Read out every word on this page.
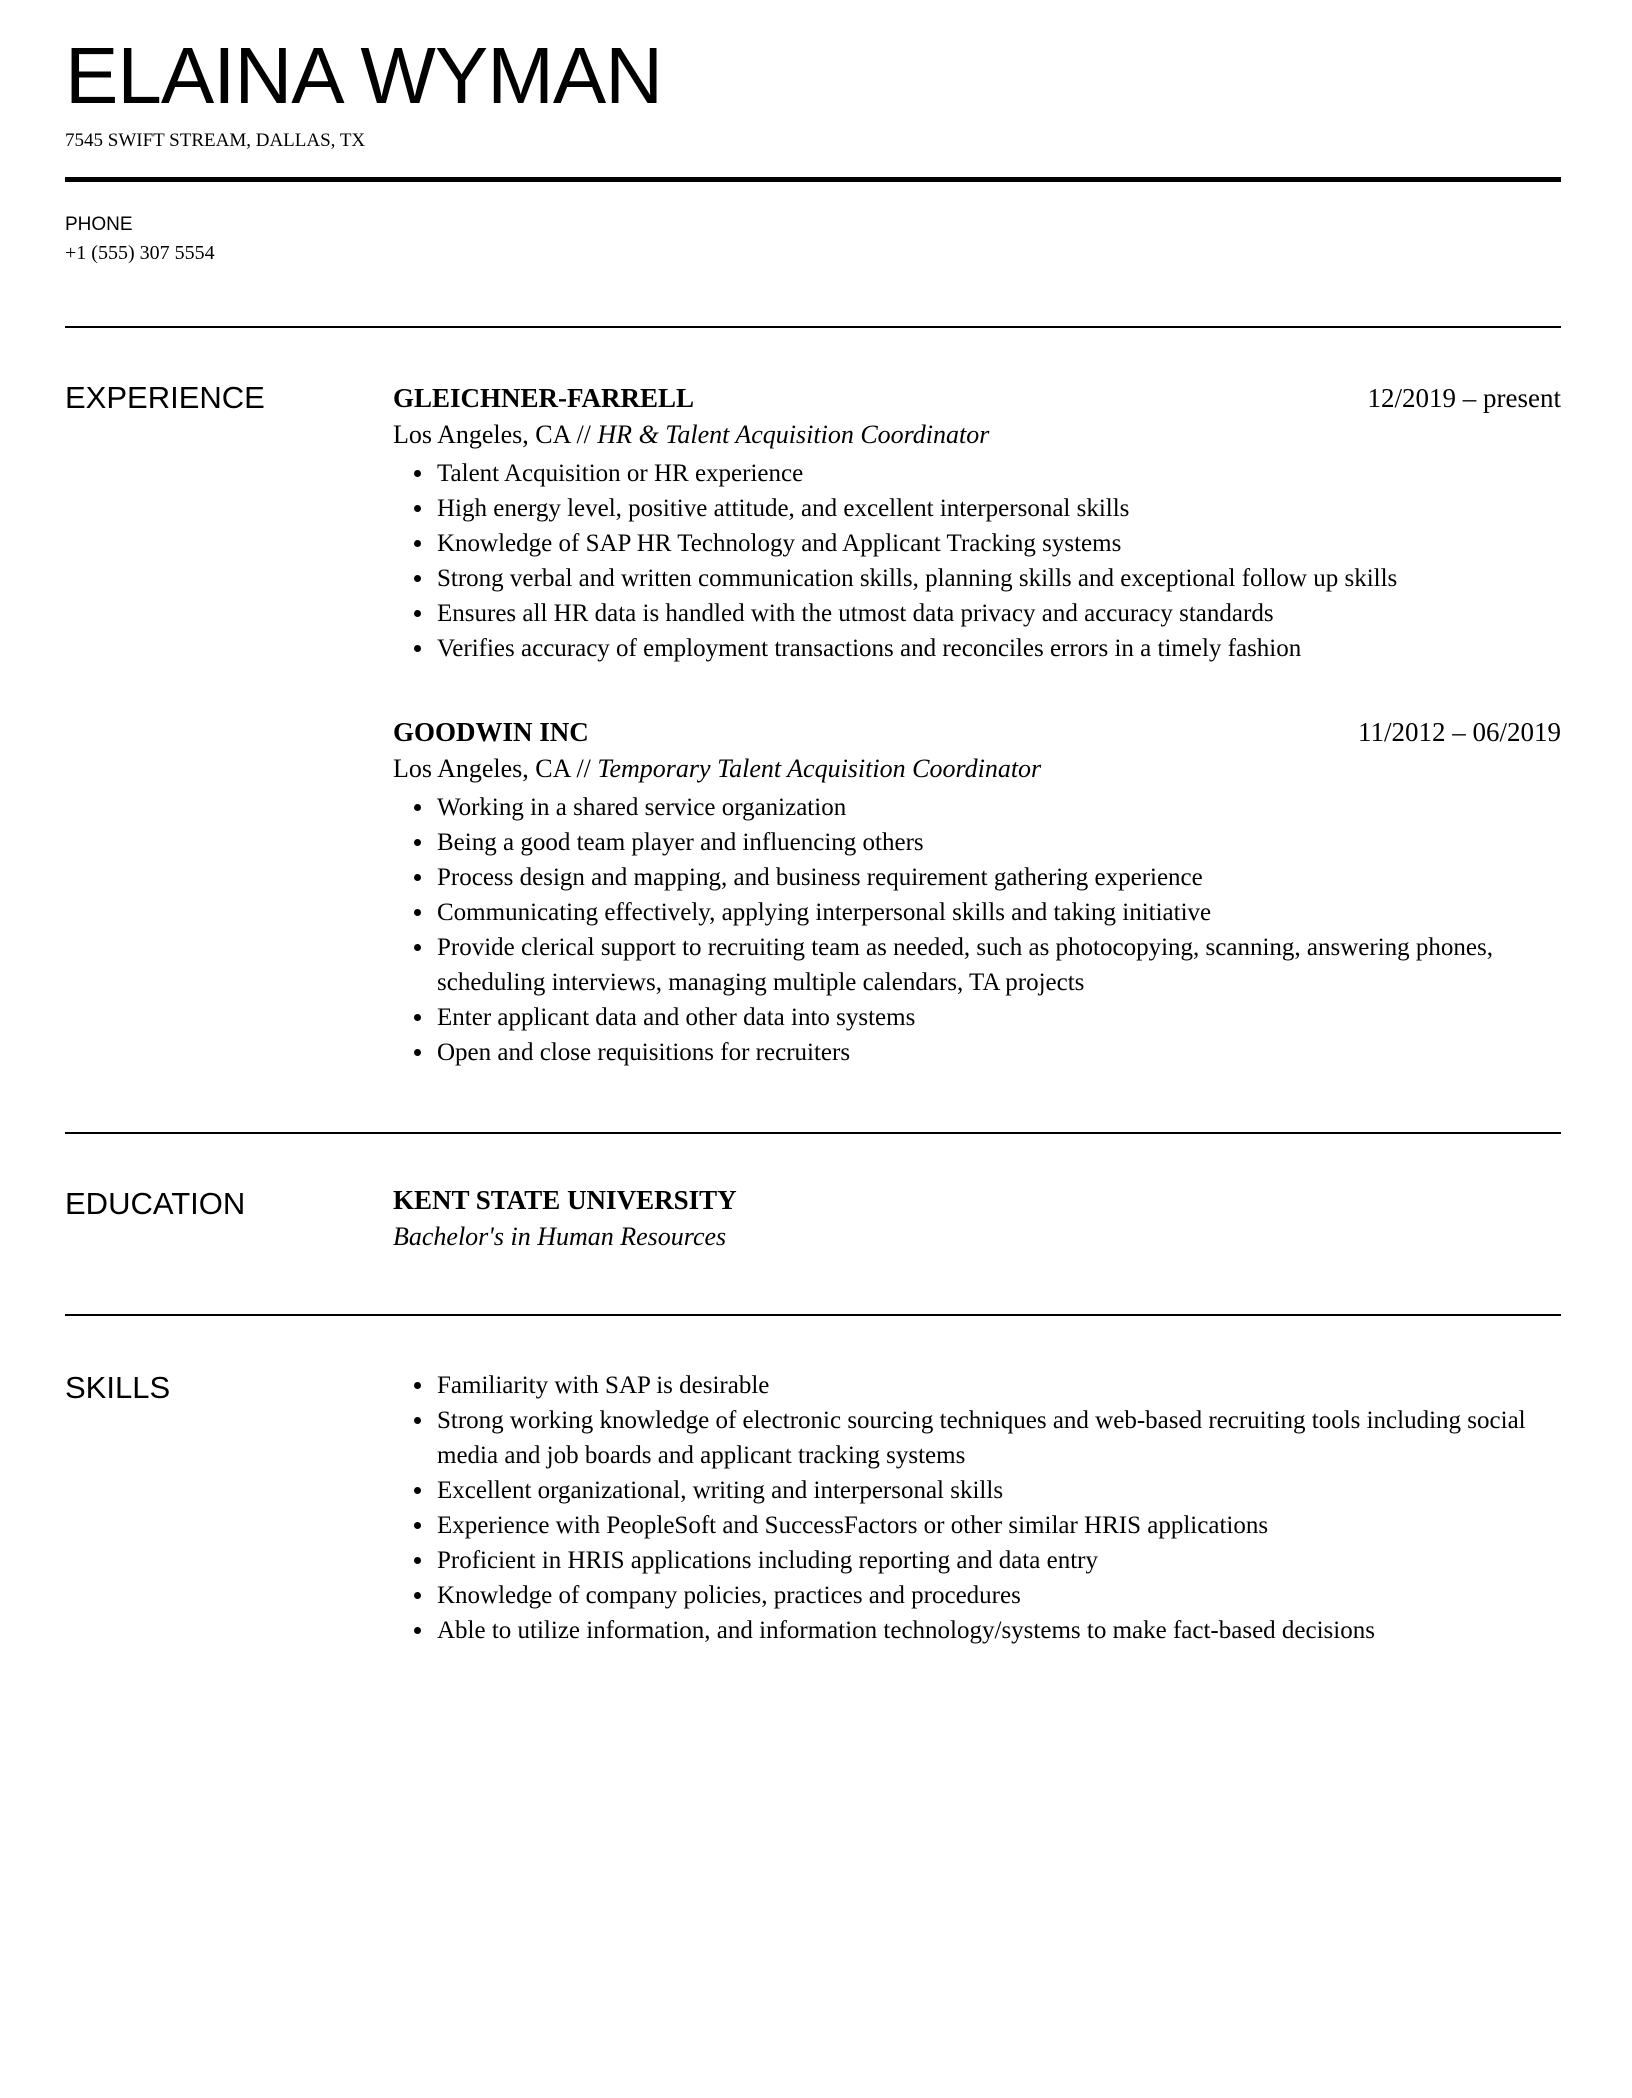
ELAINA WYMAN
7545 SWIFT STREAM, DALLAS, TX
PHONE
+1 (555) 307 5554
EXPERIENCE	GLEICHNER-FARRELL	12/2019 – present
Los Angeles, CA // HR & Talent Acquisition Coordinator
• Talent Acquisition or HR experience
• High energy level, positive attitude, and excellent interpersonal skills
• Knowledge of SAP HR Technology and Applicant Tracking systems
• Strong verbal and written communication skills, planning skills and exceptional follow up skills
• Ensures all HR data is handled with the utmost data privacy and accuracy standards
• Verifies accuracy of employment transactions and reconciles errors in a timely fashion
GOODWIN INC	11/2012 – 06/2019
Los Angeles, CA // Temporary Talent Acquisition Coordinator
• Working in a shared service organization
• Being a good team player and influencing others
• Process design and mapping, and business requirement gathering experience
• Communicating effectively, applying interpersonal skills and taking initiative
• Provide clerical support to recruiting team as needed, such as photocopying, scanning, answering phones, scheduling interviews, managing multiple calendars, TA projects
• Enter applicant data and other data into systems
• Open and close requisitions for recruiters
EDUCATION	KENT STATE UNIVERSITY
Bachelor's in Human Resources
SKILLS	• Familiarity with SAP is desirable
• Strong working knowledge of electronic sourcing techniques and web-based recruiting tools including social media and job boards and applicant tracking systems
• Excellent organizational, writing and interpersonal skills
• Experience with PeopleSoft and SuccessFactors or other similar HRIS applications
• Proficient in HRIS applications including reporting and data entry
• Knowledge of company policies, practices and procedures
• Able to utilize information, and information technology/systems to make fact-based decisions
